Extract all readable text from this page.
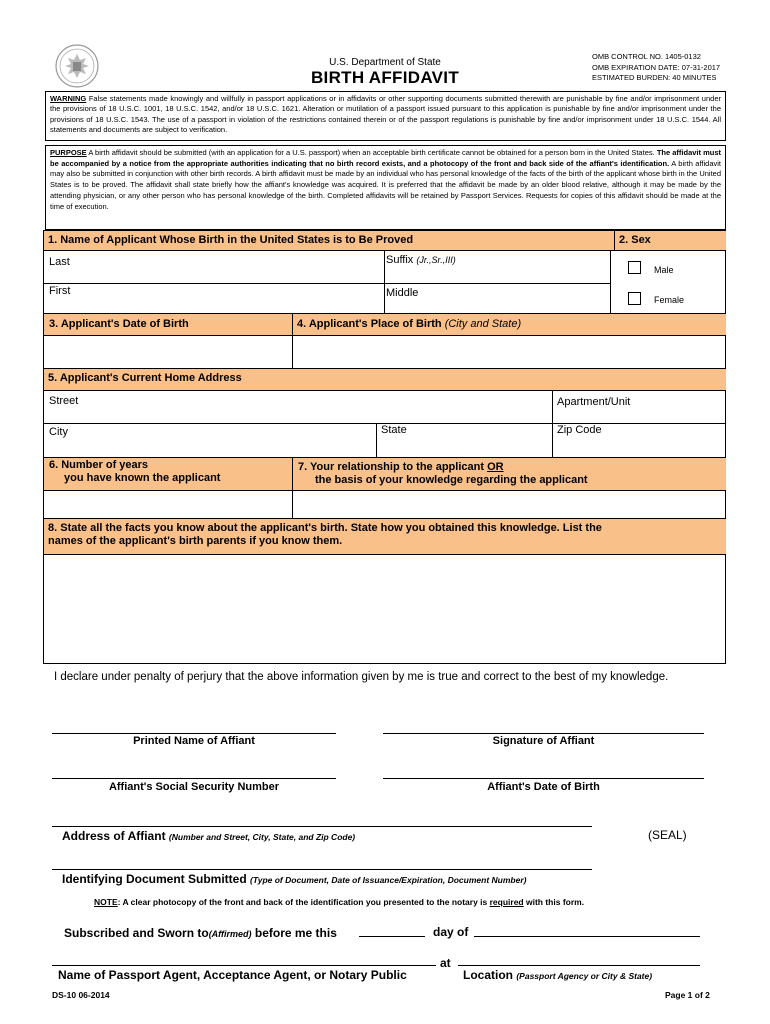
U.S. Department of State
BIRTH AFFIDAVIT
OMB CONTROL NO. 1405-0132
OMB EXPIRATION DATE: 07-31-2017
ESTIMATED BURDEN: 40 MINUTES
WARNING False statements made knowingly and willfully in passport applications or in affidavits or other supporting documents submitted therewith are punishable by fine and/or imprisonment under the provisions of 18 U.S.C. 1001, 18 U.S.C. 1542, and/or 18 U.S.C. 1621. Alteration or mutilation of a passport issued pursuant to this application is punishable by fine and/or imprisonment under the provisions of 18 U.S.C. 1543. The use of a passport in violation of the restrictions contained therein or of the passport regulations is punishable by fine and/or imprisonment under 18 U.S.C. 1544. All statements and documents are subject to verification.
PURPOSE A birth affidavit should be submitted (with an application for a U.S. passport) when an acceptable birth certificate cannot be obtained for a person born in the United States. The affidavit must be accompanied by a notice from the appropriate authorities indicating that no birth record exists, and a photocopy of the front and back side of the affiant's identification. A birth affidavit may also be submitted in conjunction with other birth records. A birth affidavit must be made by an individual who has personal knowledge of the facts of the birth of the applicant whose birth in the United States is to be proved. The affidavit shall state briefly how the affiant's knowledge was acquired. It is preferred that the affidavit be made by an older blood relative, although it may be made by the attending physician, or any other person who has personal knowledge of the birth. Completed affidavits will be retained by Passport Services. Requests for copies of this affidavit should be made at the time of execution.
1. Name of Applicant Whose Birth in the United States is to Be Proved	2. Sex
Last	Suffix (Jr.,Sr.,III)
First	Middle
Male
Female
3. Applicant's Date of Birth	4. Applicant's Place of Birth (City and State)
5. Applicant's Current Home Address
Street	Apartment/Unit
City	State	Zip Code
6. Number of years
you have known the applicant
7. Your relationship to the applicant OR
the basis of your knowledge regarding the applicant
8. State all the facts you know about the applicant's birth. State how you obtained this knowledge. List the
names of the applicant's birth parents if you know them.
I declare under penalty of perjury that the above information given by me is true and correct to the best of my knowledge.
Printed Name of Affiant	Signature of Affiant
Affiant's Social Security Number	Affiant's Date of Birth
Address of Affiant (Number and Street, City, State, and Zip Code)	(SEAL)
Identifying Document Submitted (Type of Document, Date of Issuance/Expiration, Document Number)
NOTE: A clear photocopy of the front and back of the identification you presented to the notary is required with this form.
Subscribed and Sworn to(Affirmed) before me this	day of
at
Name of Passport Agent, Acceptance Agent, or Notary Public	Location (Passport Agency or City & State)
DS-10 06-2014	Page 1 of 2
